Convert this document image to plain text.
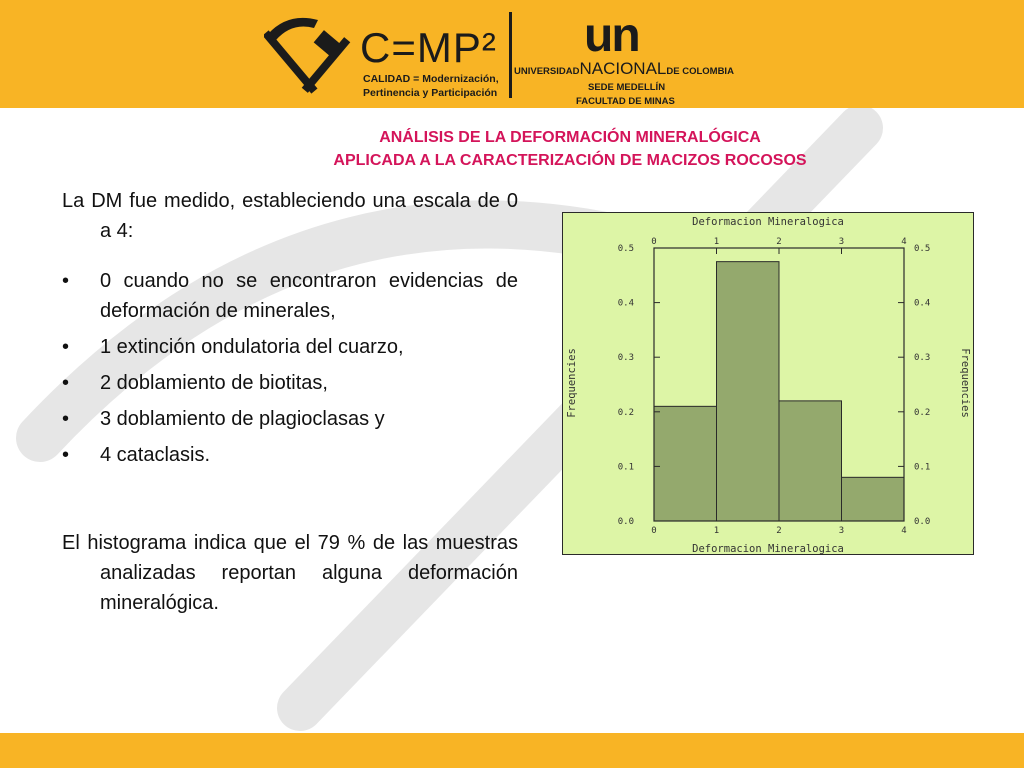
C=MP²
CALIDAD = Modernización,
Pertinencia y Participación
un
UNIVERSIDADNACIONALDE COLOMBIA
SEDE MEDELLÍN
FACULTAD DE MINAS
ANÁLISIS DE LA DEFORMACIÓN MINERALÓGICA
APLICADA A LA CARACTERIZACIÓN DE MACIZOS ROCOSOS

La DM fue medido, estableciendo una escala de 0 a 4:

• 0 cuando no se encontraron evidencias de deformación de minerales,
• 1 extinción ondulatoria del cuarzo,
• 2 doblamiento de biotitas,
• 3 doblamiento de plagioclasas y
• 4 cataclasis.

El histograma indica que el 79 % de las muestras analizadas reportan alguna deformación mineralógica.

Deformacion Mineralogica
Deformacion Mineralogica
Frequencies	Frequencies
0
0
1
1
2
2
3
3
4
4
0.0	0.0
0.1	0.1
0.2	0.2
0.3	0.3
0.4	0.4
0.5	0.5
